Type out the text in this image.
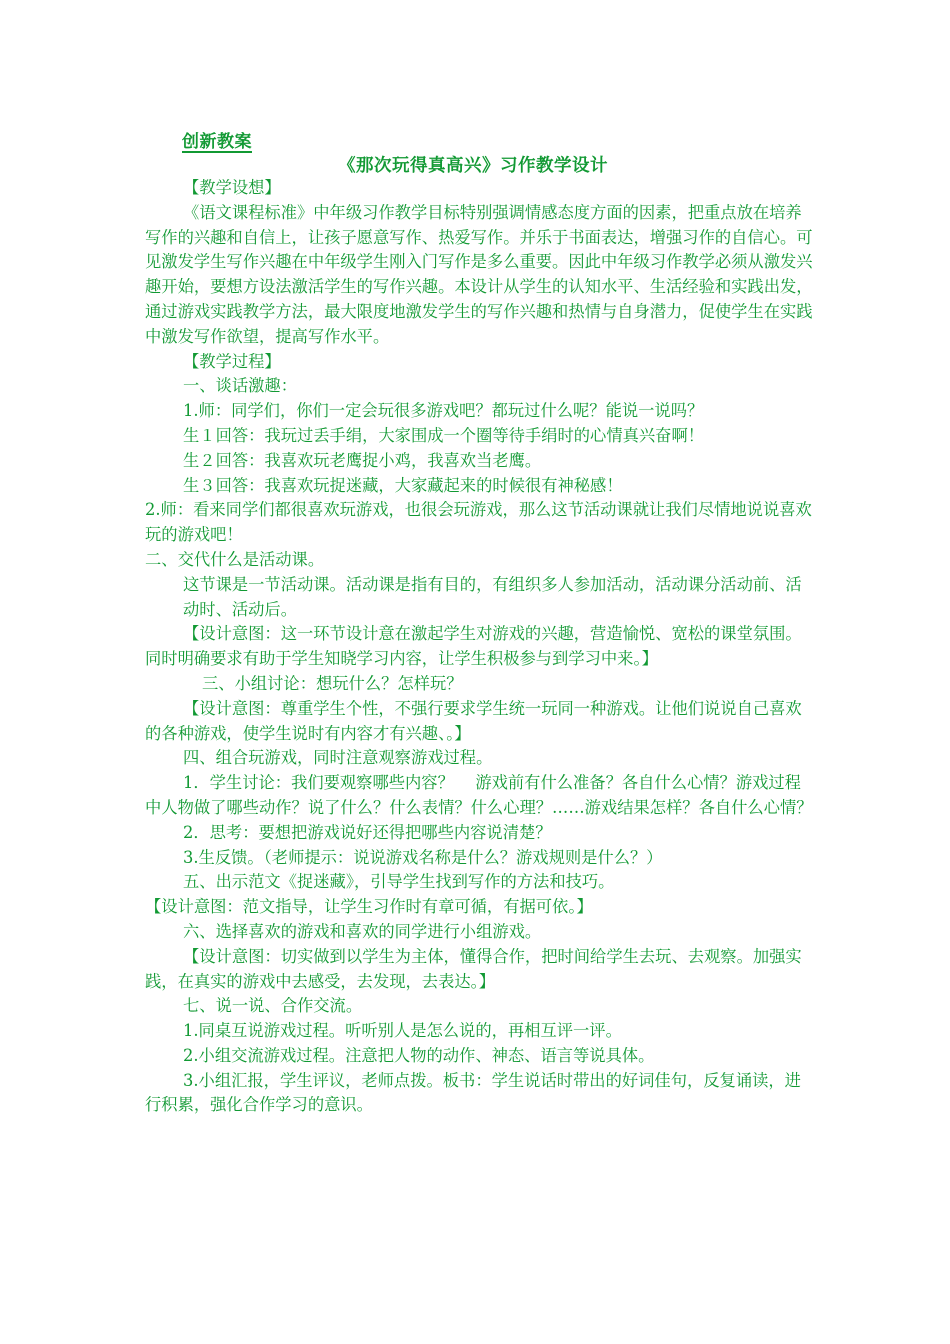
创新教案
《那次玩得真高兴》习作教学设计

【教学设想】

《语文课程标准》中年级习作教学目标特别强调情感态度方面的因素，把重点放在培养写作的兴趣和自信上，让孩子愿意写作、热爱写作。并乐于书面表达，增强习作的自信心。可见激发学生写作兴趣在中年级学生刚入门写作是多么重要。因此中年级习作教学必须从激发兴趣开始，要想方设法激活学生的写作兴趣。本设计从学生的认知水平、生活经验和实践出发，通过游戏实践教学方法，最大限度地激发学生的写作兴趣和热情与自身潜力，促使学生在实践中激发写作欲望，提高写作水平。

【教学过程】

一、谈话激趣：

1.师：同学们，你们一定会玩很多游戏吧？都玩过什么呢？能说一说吗？

生１回答：我玩过丢手绢，大家围成一个圈等待手绢时的心情真兴奋啊！

生２回答：我喜欢玩老鹰捉小鸡，我喜欢当老鹰。

生３回答：我喜欢玩捉迷藏，大家藏起来的时候很有神秘感！

2.师：看来同学们都很喜欢玩游戏，也很会玩游戏，那么这节活动课就让我们尽情地说说喜欢玩的游戏吧！

二、交代什么是活动课。

这节课是一节活动课。活动课是指有目的，有组织多人参加活动，活动课分活动前、活动时、活动后。

【设计意图：这一环节设计意在激起学生对游戏的兴趣，营造愉悦、宽松的课堂氛围。同时明确要求有助于学生知晓学习内容，让学生积极参与到学习中来。】

三、小组讨论：想玩什么？怎样玩？

【设计意图：尊重学生个性，不强行要求学生统一玩同一种游戏。让他们说说自己喜欢的各种游戏，使学生说时有内容才有兴趣、。】

四、组合玩游戏，同时注意观察游戏过程。

1．学生讨论：我们要观察哪些内容？　 游戏前有什么准备？各自什么心情？游戏过程中人物做了哪些动作？说了什么？什么表情？什么心理？……游戏结果怎样？各自什么心情？

2．思考：要想把游戏说好还得把哪些内容说清楚？

3.生反馈。（老师提示：说说游戏名称是什么？游戏规则是什么？）

五、出示范文《捉迷藏》，引导学生找到写作的方法和技巧。

【设计意图：范文指导，让学生习作时有章可循，有据可依。】

六、选择喜欢的游戏和喜欢的同学进行小组游戏。

【设计意图：切实做到以学生为主体，懂得合作，把时间给学生去玩、去观察。加强实践，在真实的游戏中去感受，去发现，去表达。】

七、说一说、合作交流。

1.同桌互说游戏过程。听听别人是怎么说的，再相互评一评。

2.小组交流游戏过程。注意把人物的动作、神态、语言等说具体。

3.小组汇报，学生评议，老师点拨。板书：学生说话时带出的好词佳句，反复诵读，进行积累，强化合作学习的意识。
